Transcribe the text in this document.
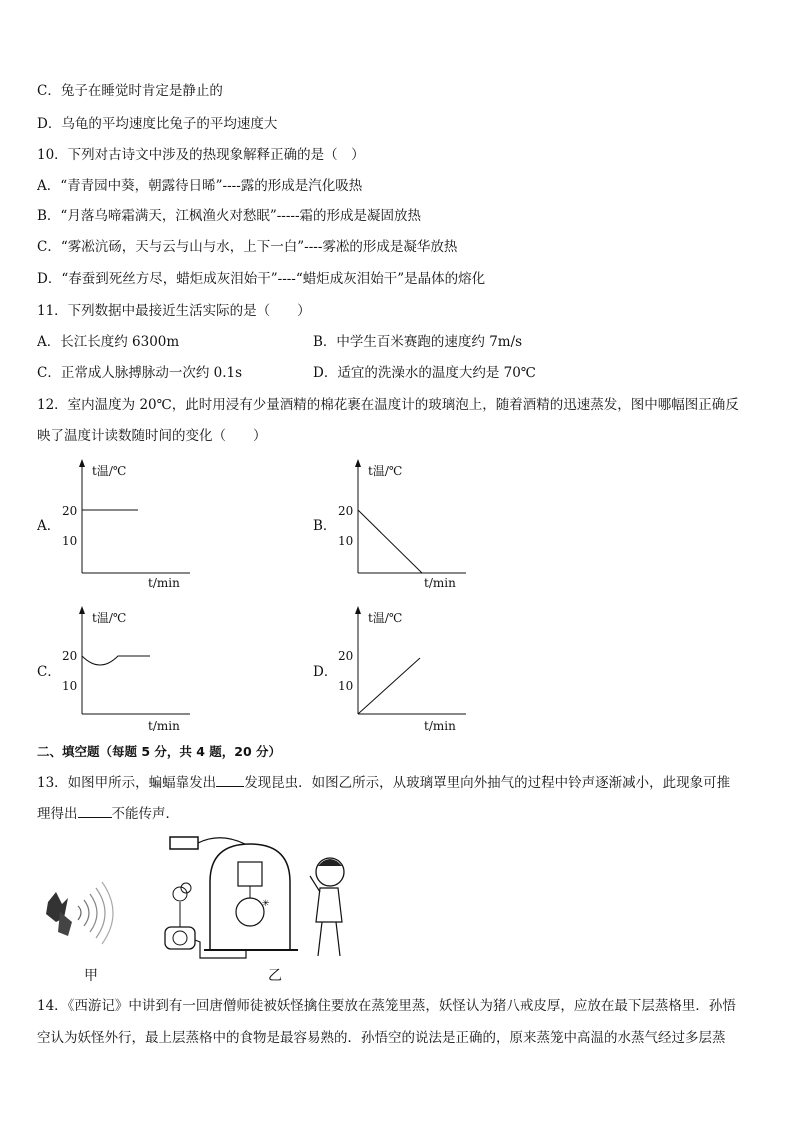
C．兔子在睡觉时肯定是静止的
D．乌龟的平均速度比兔子的平均速度大
10．下列对古诗文中涉及的热现象解释正确的是（　）
A．“青青园中葵，朝露待日晞”----露的形成是汽化吸热
B．“月落乌啼霜满天，江枫渔火对愁眠”-----霜的形成是凝固放热
C．“雾凇沆砀，天与云与山与水，上下一白”----雾凇的形成是凝华放热
D．“春蚕到死丝方尽，蜡炬成灰泪始干”----“蜡炬成灰泪始干”是晶体的熔化
11．下列数据中最接近生活实际的是（　　）
A．长江长度约 6300m	B．中学生百米赛跑的速度约 7m/s
C．正常成人脉搏脉动一次约 0.1s	D．适宜的洗澡水的温度大约是 70℃
12．室内温度为 20℃，此时用浸有少量酒精的棉花裹在温度计的玻璃泡上，随着酒精的迅速蒸发，图中哪幅图正确反
映了温度计读数随时间的变化（　　）
A．
t温/℃
20
10
t/min
B．
t温/℃
20
10
t/min
C．
t温/℃
20
10
t/min
D．
t温/℃
20
10
t/min
二、填空题（每题 5 分，共 4 题，20 分）
13．如图甲所示，蝙蝠靠发出 发现昆虫．如图乙所示，从玻璃罩里向外抽气的过程中铃声逐渐减小，此现象可推
理得出	不能传声．
甲
✳
乙
14．《西游记》中讲到有一回唐僧师徒被妖怪擒住要放在蒸笼里蒸，妖怪认为猪八戒皮厚，应放在最下层蒸格里．孙悟
空认为妖怪外行，最上层蒸格中的食物是最容易熟的．孙悟空的说法是正确的，原来蒸笼中高温的水蒸气经过多层蒸
